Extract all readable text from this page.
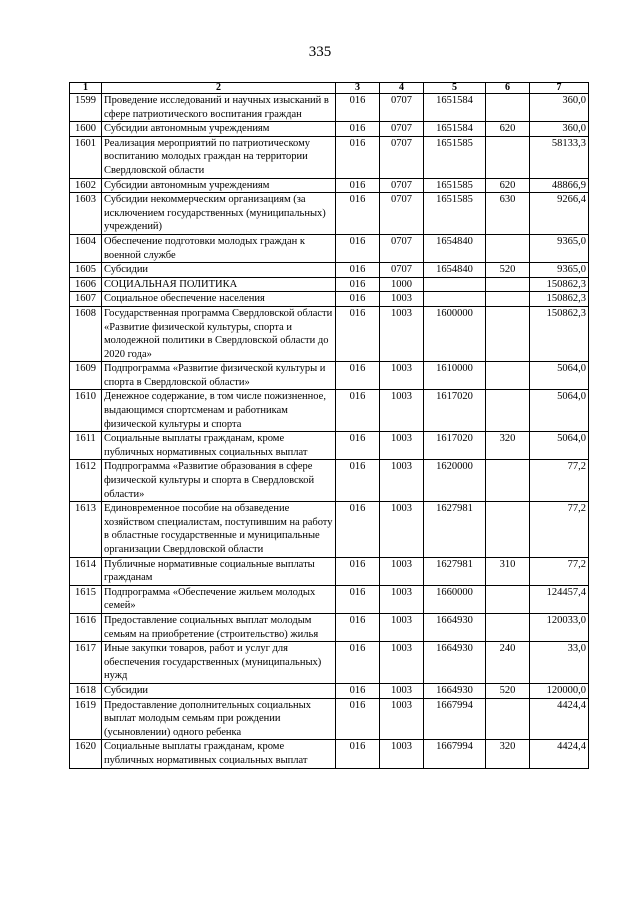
335
1	2	3	4	5	6	7
1599	Проведение исследований и научных изысканий в сфере патриотического воспитания граждан	016	0707	1651584		360,0
1600	Субсидии автономным учреждениям	016	0707	1651584	620	360,0
1601	Реализация мероприятий по патриотическому воспитанию молодых граждан на территории Свердловской области	016	0707	1651585		58133,3
1602	Субсидии автономным учреждениям	016	0707	1651585	620	48866,9
1603	Субсидии некоммерческим организациям (за исключением государственных (муниципальных) учреждений)	016	0707	1651585	630	9266,4
1604	Обеспечение подготовки молодых граждан к военной службе	016	0707	1654840		9365,0
1605	Субсидии	016	0707	1654840	520	9365,0
1606	СОЦИАЛЬНАЯ ПОЛИТИКА	016	1000			150862,3
1607	Социальное обеспечение населения	016	1003			150862,3
1608	Государственная программа Свердловской области «Развитие физической культуры, спорта и молодежной политики в Свердловской области до 2020 года»	016	1003	1600000		150862,3
1609	Подпрограмма «Развитие физической культуры и спорта в Свердловской области»	016	1003	1610000		5064,0
1610	Денежное содержание, в том числе пожизненное, выдающимся спортсменам и работникам физической культуры и спорта	016	1003	1617020		5064,0
1611	Социальные выплаты гражданам, кроме публичных нормативных социальных выплат	016	1003	1617020	320	5064,0
1612	Подпрограмма «Развитие образования в сфере физической культуры и спорта в Свердловской области»	016	1003	1620000		77,2
1613	Единовременное пособие на обзаведение хозяйством специалистам, поступившим на работу в областные государственные и муниципальные организации Свердловской области	016	1003	1627981		77,2
1614	Публичные нормативные социальные выплаты гражданам	016	1003	1627981	310	77,2
1615	Подпрограмма «Обеспечение жильем молодых семей»	016	1003	1660000		124457,4
1616	Предоставление социальных выплат молодым семьям на приобретение (строительство) жилья	016	1003	1664930		120033,0
1617	Иные закупки товаров, работ и услуг для обеспечения государственных (муниципальных) нужд	016	1003	1664930	240	33,0
1618	Субсидии	016	1003	1664930	520	120000,0
1619	Предоставление дополнительных социальных выплат молодым семьям при рождении (усыновлении) одного ребенка	016	1003	1667994		4424,4
1620	Социальные выплаты гражданам, кроме публичных нормативных социальных выплат	016	1003	1667994	320	4424,4
